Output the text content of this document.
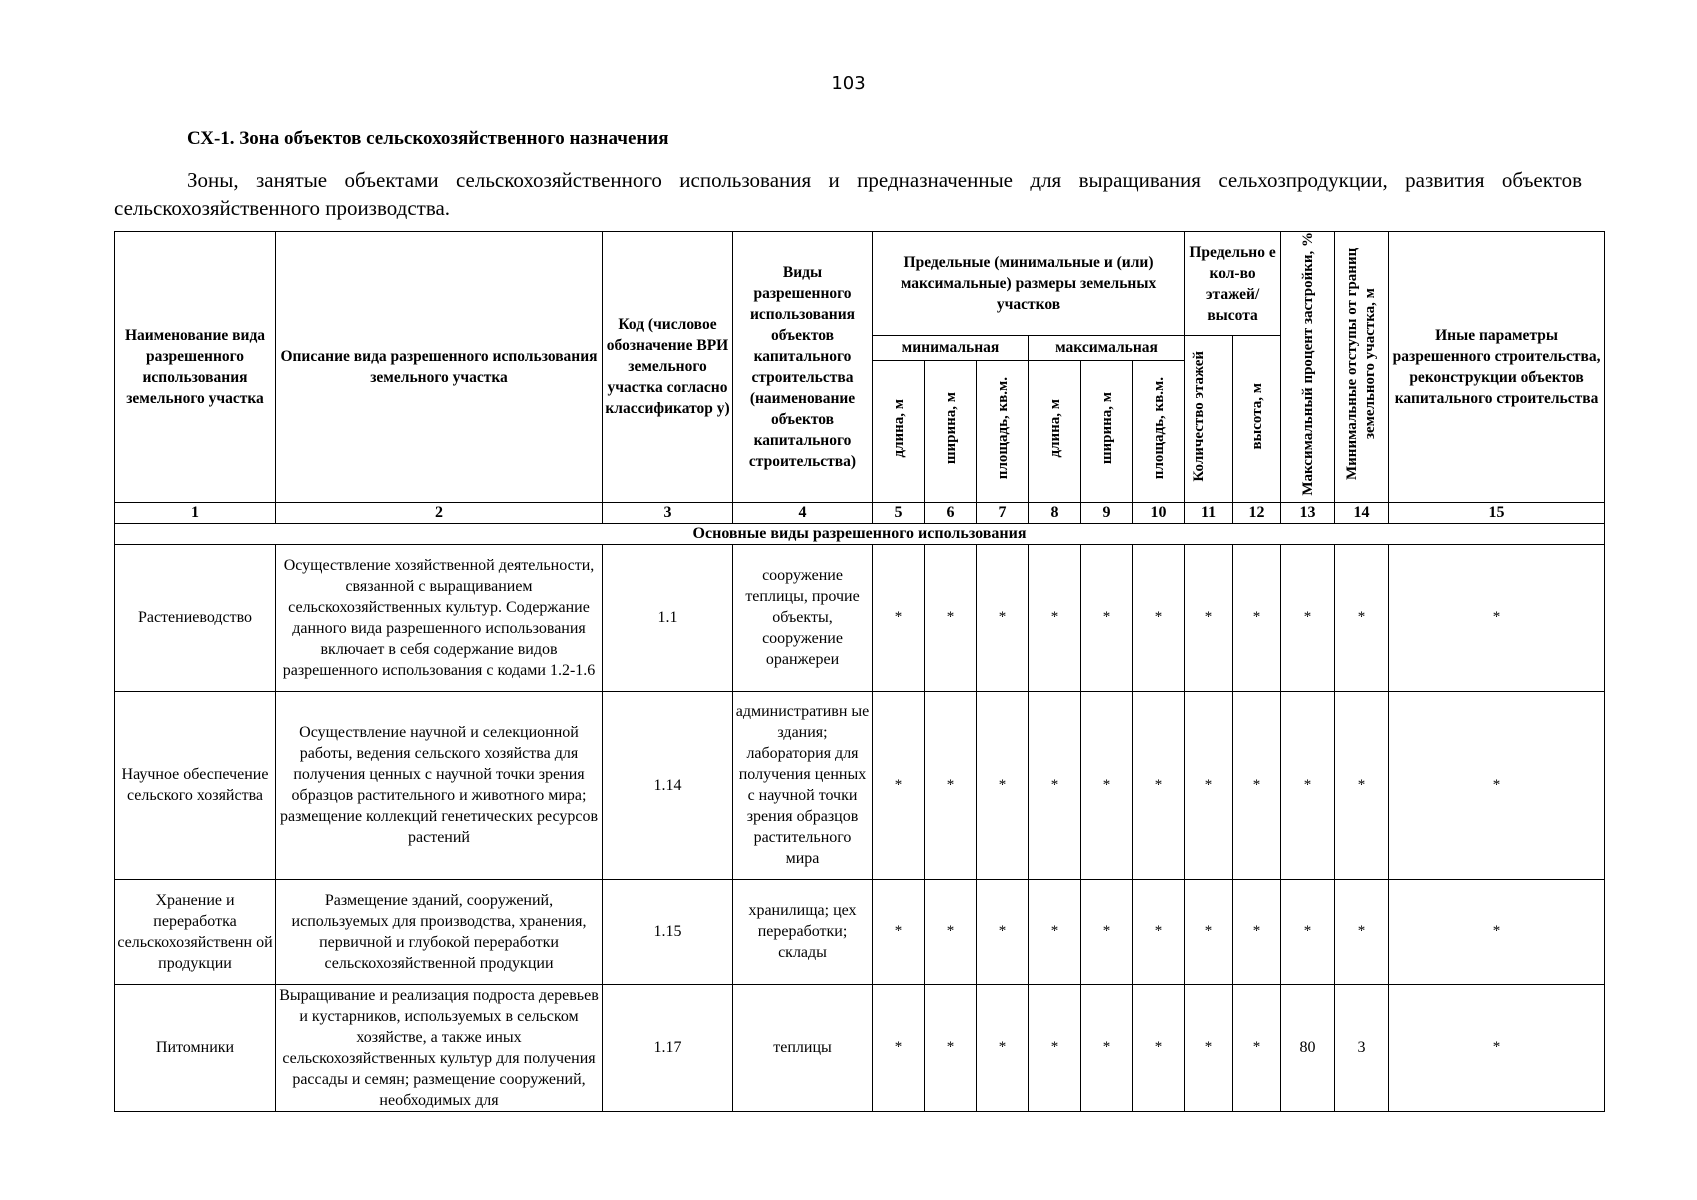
103
СХ-1. Зона объектов сельскохозяйственного назначения
Зоны, занятые объектами сельскохозяйственного использования и предназначенные для выращивания сельхозпродукции, развития объектов сельскохозяйственного производства.
Наименование вида разрешенного использования земельного участка	Описание вида разрешенного использования земельного участка	Код (числовое обозначение ВРИ земельного участка согласно классификатор у)	Виды разрешенного использования объектов капитального строительства (наименование объектов капитального строительства)	Предельные (минимальные и (или) максимальные) размеры земельных участков						Предельно е кол-во этажей/ высота		Максимальный процент застройки, %	Минимальные отступы от границ земельного участка, м	Иные параметры разрешенного строительства, реконструкции объектов капитального строительства
				минимальная			максимальная			Количество этажей	высота, м			
				длина, м	ширина, м	площадь, кв.м.	длина, м	ширина, м	площадь, кв.м.					
1	2	3	4	5	6	7	8	9	10	11	12	13	14	15
Основные виды разрешенного использования														
Растениеводство	Осуществление хозяйственной деятельности, связанной с выращиванием сельскохозяйственных культур. Содержание данного вида разрешенного использования включает в себя содержание видов разрешенного использования с кодами 1.2-1.6	1.1	сооружение теплицы, прочие объекты, сооружение оранжереи	*	*	*	*	*	*	*	*	*	*	*
Научное обеспечение сельского хозяйства	Осуществление научной и селекционной работы, ведения сельского хозяйства для получения ценных с научной точки зрения образцов растительного и животного мира; размещение коллекций генетических ресурсов растений	1.14	административн ые здания; лаборатория для получения ценных с научной точки зрения образцов растительного мира	*	*	*	*	*	*	*	*	*	*	*
Хранение и переработка сельскохозяйственн ой продукции	Размещение зданий, сооружений, используемых для производства, хранения, первичной и глубокой переработки сельскохозяйственной продукции	1.15	хранилища; цех переработки; склады	*	*	*	*	*	*	*	*	*	*	*
Питомники	Выращивание и реализация подроста деревьев и кустарников, используемых в сельском хозяйстве, а также иных сельскохозяйственных культур для получения рассады и семян; размещение сооружений, необходимых для	1.17	теплицы	*	*	*	*	*	*	*	*	80	3	*
